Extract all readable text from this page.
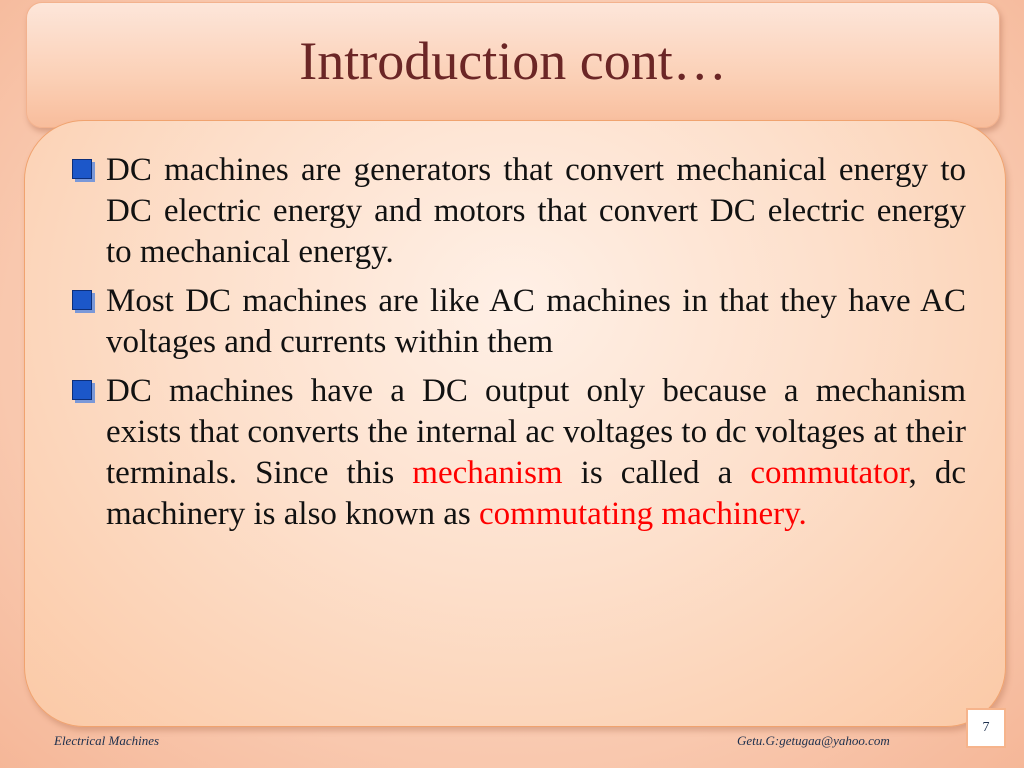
Introduction cont…
DC machines are generators that convert mechanical energy to DC electric energy and motors that convert DC electric energy to mechanical energy.
Most DC machines are like AC machines in that they have AC voltages and currents within them
DC machines have a DC output only because a mechanism exists that converts the internal ac voltages to dc voltages at their terminals. Since this mechanism is called a commutator, dc machinery is also known as commutating machinery.
Electrical Machines	Getu.G:getugaa@yahoo.com
7
